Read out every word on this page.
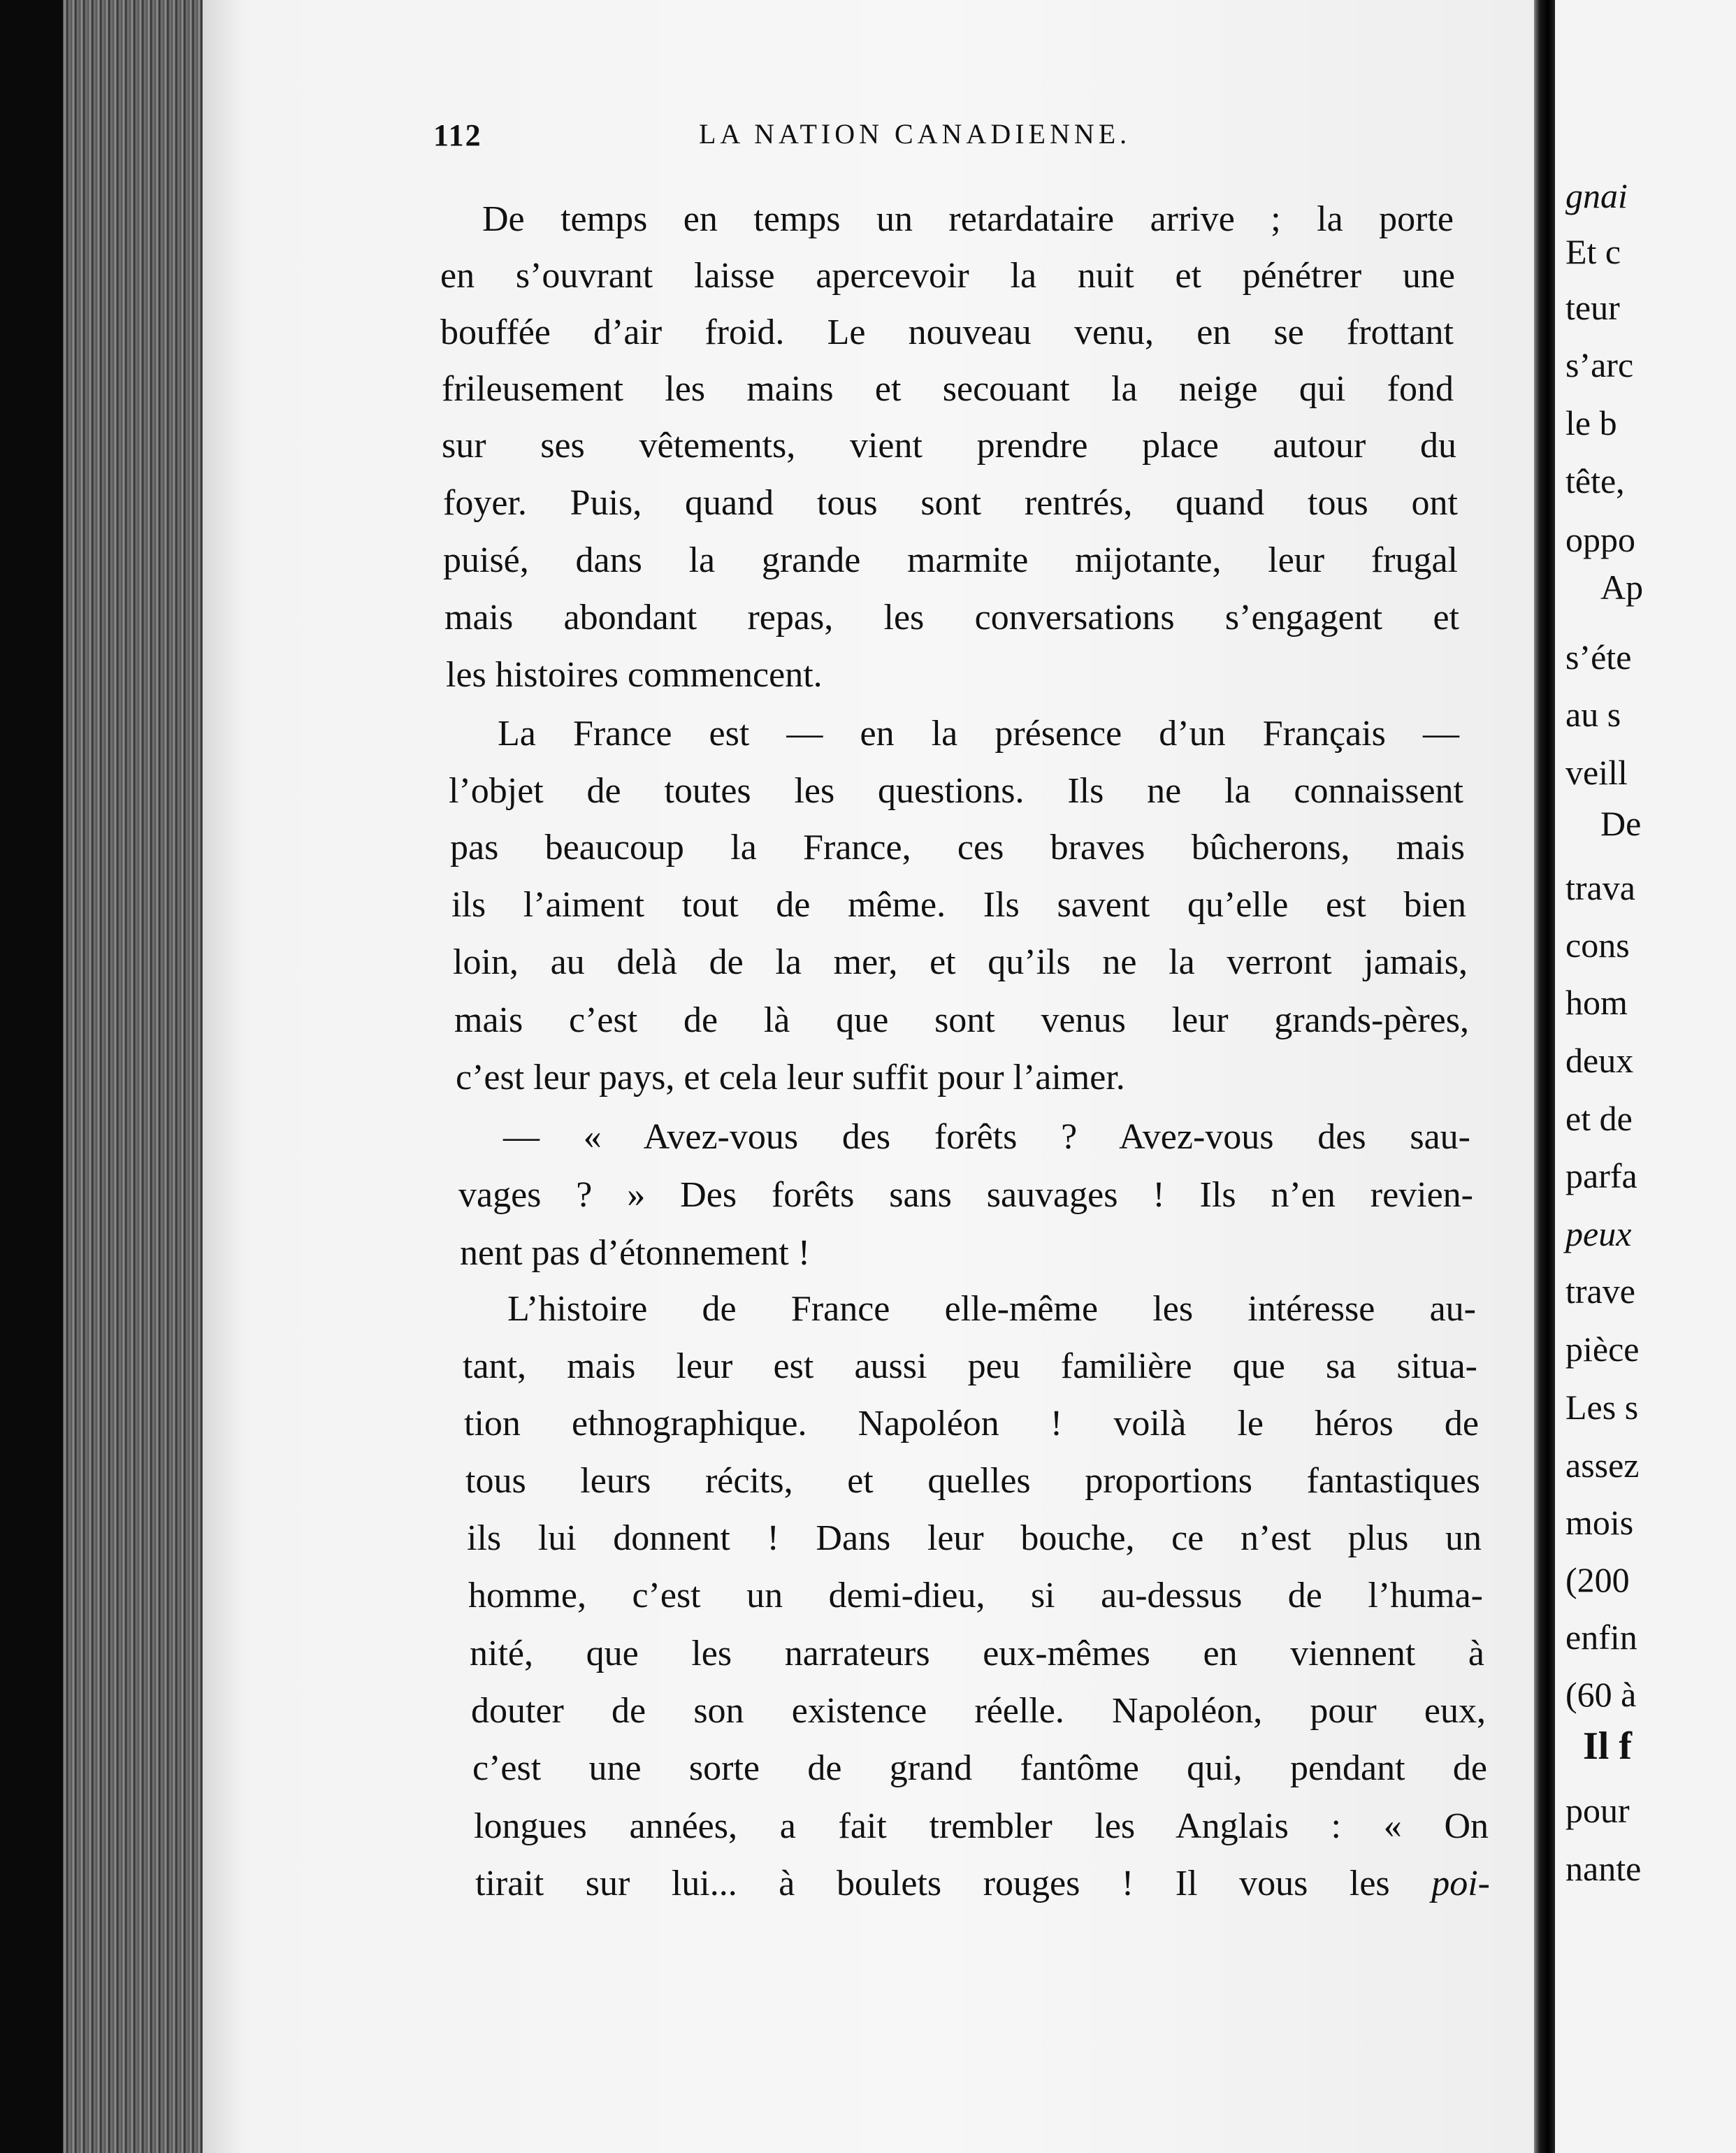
112	LA NATION CANADIENNE.
De temps en temps un retardataire arrive ; la porte
en s’ouvrant laisse apercevoir la nuit et pénétrer une
bouffée d’air froid. Le nouveau venu, en se frottant
frileusement les mains et secouant la neige qui fond
sur ses vêtements, vient prendre place autour du
foyer. Puis, quand tous sont rentrés, quand tous ont
puisé, dans la grande marmite mijotante, leur frugal
mais abondant repas, les conversations s’engagent et
les histoires commencent.
La France est — en la présence d’un Français —
l’objet de toutes les questions. Ils ne la connaissent
pas beaucoup la France, ces braves bûcherons, mais
ils l’aiment tout de même. Ils savent qu’elle est bien
loin, au delà de la mer, et qu’ils ne la verront jamais,
mais c’est de là que sont venus leur grands-pères,
c’est leur pays, et cela leur suffit pour l’aimer.
— « Avez-vous des forêts ? Avez-vous des sau-
vages ? » Des forêts sans sauvages ! Ils n’en revien-
nent pas d’étonnement !
L’histoire de France elle-même les intéresse au-
tant, mais leur est aussi peu familière que sa situa-
tion ethnographique. Napoléon ! voilà le héros de
tous leurs récits, et quelles proportions fantastiques
ils lui donnent ! Dans leur bouche, ce n’est plus un
homme, c’est un demi-dieu, si au-dessus de l’huma-
nité, que les narrateurs eux-mêmes en viennent à
douter de son existence réelle. Napoléon, pour eux,
c’est une sorte de grand fantôme qui, pendant de
longues années, a fait trembler les Anglais : « On
tirait sur lui... à boulets rouges ! Il vous les poi-
gnai
Et c
teur
s’arc
le b
tête,
oppo
Ap
s’éte
au s
veill
De
trava
cons
hom
deux
et de
parfa
peux
trave
pièce
Les s
assez
mois
(200
enfin
(60 à
Il f
pour
nante
